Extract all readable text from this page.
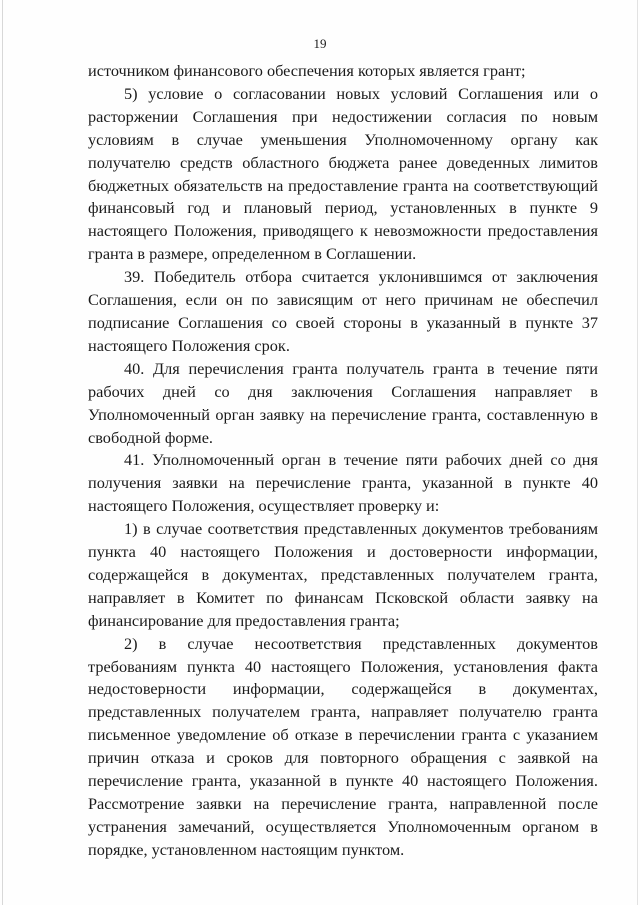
19

источником финансового обеспечения которых является грант;

5) условие о согласовании новых условий Соглашения или о расторжении Соглашения при недостижении согласия по новым условиям в случае уменьшения Уполномоченному органу как получателю средств областного бюджета ранее доведенных лимитов бюджетных обязательств на предоставление гранта на соответствующий финансовый год и плановый период, установленных в пункте 9 настоящего Положения, приводящего к невозможности предоставления гранта в размере, определенном в Соглашении.

39. Победитель отбора считается уклонившимся от заключения Соглашения, если он по зависящим от него причинам не обеспечил подписание Соглашения со своей стороны в указанный в пункте 37 настоящего Положения срок.

40. Для перечисления гранта получатель гранта в течение пяти рабочих дней со дня заключения Соглашения направляет в Уполномоченный орган заявку на перечисление гранта, составленную в свободной форме.

41. Уполномоченный орган в течение пяти рабочих дней со дня получения заявки на перечисление гранта, указанной в пункте 40 настоящего Положения, осуществляет проверку и:

1) в случае соответствия представленных документов требованиям пункта 40 настоящего Положения и достоверности информации, содержащейся в документах, представленных получателем гранта, направляет в Комитет по финансам Псковской области заявку на финансирование для предоставления гранта;

2) в случае несоответствия представленных документов требованиям пункта 40 настоящего Положения, установления факта недостоверности информации, содержащейся в документах, представленных получателем гранта, направляет получателю гранта письменное уведомление об отказе в перечислении гранта с указанием причин отказа и сроков для повторного обращения с заявкой на перечисление гранта, указанной в пункте 40 настоящего Положения. Рассмотрение заявки на перечисление гранта, направленной после устранения замечаний, осуществляется Уполномоченным органом в порядке, установленном настоящим пунктом.
